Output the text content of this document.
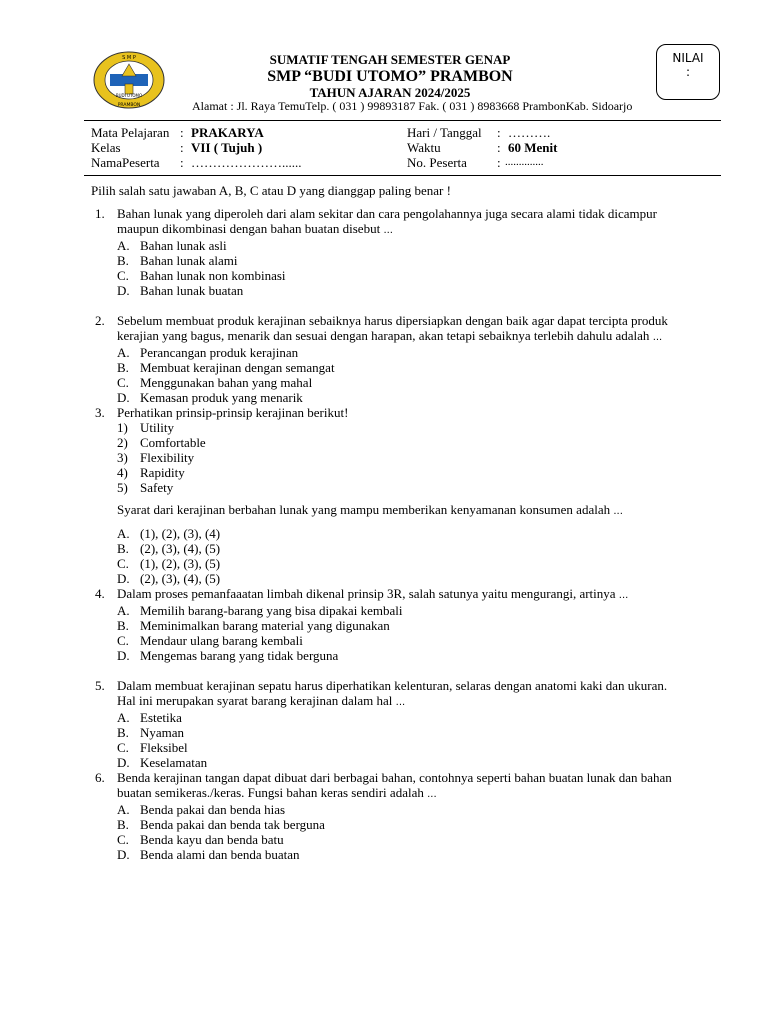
S M P
BUDI UTOMO
PRAMBON
SUMATIF TENGAH SEMESTER GENAP
SMP “BUDI UTOMO” PRAMBON
TAHUN AJARAN 2024/2025
Alamat : Jl. Raya TemuTelp. ( 031 ) 99893187 Fak. ( 031 ) 8983668 PrambonKab. Sidoarjo
NILAI
:
Mata Pelajaran : PRAKARYA
Kelas	: VII ( Tujuh )
NamaPeserta : …………………......
Hari / Tanggal : ……….
Waktu	: 60 Menit
No. Peserta : ..............
Pilih salah satu jawaban A, B, C atau D yang dianggap paling benar !
1. Bahan lunak yang diperoleh dari alam sekitar dan cara pengolahannya juga secara alami tidak dicampur maupun dikombinasi dengan bahan buatan disebut ...
A. Bahan lunak asli
B. Bahan lunak alami
C. Bahan lunak non kombinasi
D. Bahan lunak buatan
2. Sebelum membuat produk kerajinan sebaiknya harus dipersiapkan dengan baik agar dapat tercipta produk kerajian yang bagus, menarik dan sesuai dengan harapan, akan tetapi sebaiknya terlebih dahulu adalah ...
A. Perancangan produk kerajinan
B. Membuat kerajinan dengan semangat
C. Menggunakan bahan yang mahal
D. Kemasan produk yang menarik
3. Perhatikan prinsip-prinsip kerajinan berikut!
1) Utility
2) Comfortable
3) Flexibility
4) Rapidity
5) Safety
Syarat dari kerajinan berbahan lunak yang mampu memberikan kenyamanan konsumen adalah ...
A. (1), (2), (3), (4)
B. (2), (3), (4), (5)
C. (1), (2), (3), (5)
D. (2), (3), (4), (5)
4. Dalam proses pemanfaaatan limbah dikenal prinsip 3R, salah satunya yaitu mengurangi, artinya ...
A. Memilih barang-barang yang bisa dipakai kembali
B. Meminimalkan barang material yang digunakan
C. Mendaur ulang barang kembali
D. Mengemas barang yang tidak berguna
5. Dalam membuat kerajinan sepatu harus diperhatikan kelenturan, selaras dengan anatomi kaki dan ukuran. Hal ini merupakan syarat barang kerajinan dalam hal ...
A. Estetika
B. Nyaman
C. Fleksibel
D. Keselamatan
6. Benda kerajinan tangan dapat dibuat dari berbagai bahan, contohnya seperti bahan buatan lunak dan bahan buatan semikeras./keras. Fungsi bahan keras sendiri adalah ...
A. Benda pakai dan benda hias
B. Benda pakai dan benda tak berguna
C. Benda kayu dan benda batu
D. Benda alami dan benda buatan
